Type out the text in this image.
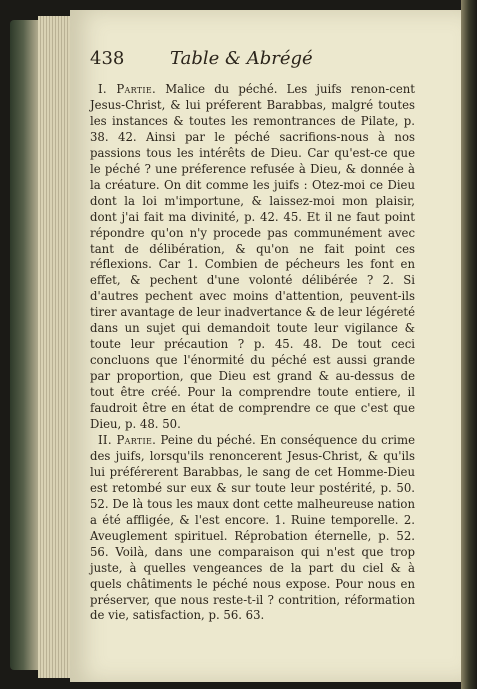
438	Table & Abrégé

I. Partie. Malice du péché. Les juifs renon-cent Jesus-Christ, & lui préferent Barabbas, malgré toutes les instances & toutes les remontrances de Pilate, p. 38. 42. Ainsi par le péché sacrifions-nous à nos passions tous les intérêts de Dieu. Car qu'est-ce que le péché ? une préference refusée à Dieu, & donnée à la créature. On dit comme les juifs : Otez-moi ce Dieu dont la loi m'importune, & laissez-moi mon plaisir, dont j'ai fait ma divinité, p. 42. 45. Et il ne faut point répondre qu'on n'y procede pas communément avec tant de délibération, & qu'on ne fait point ces réflexions. Car 1. Combien de pécheurs les font en effet, & pechent d'une volonté délibérée ? 2. Si d'autres pechent avec moins d'attention, peuvent-ils tirer avantage de leur inadvertance & de leur légéreté dans un sujet qui demandoit toute leur vigilance & toute leur précaution ? p. 45. 48. De tout ceci concluons que l'énormité du péché est aussi grande par proportion, que Dieu est grand & au-dessus de tout être créé. Pour la comprendre toute entiere, il faudroit être en état de comprendre ce que c'est que Dieu, p. 48. 50.

II. Partie. Peine du péché. En conséquence du crime des juifs, lorsqu'ils renoncerent Jesus-Christ, & qu'ils lui préférerent Barabbas, le sang de cet Homme-Dieu est retombé sur eux & sur toute leur postérité, p. 50. 52. De là tous les maux dont cette malheureuse nation a été affligée, & l'est encore. 1. Ruine temporelle. 2. Aveuglement spirituel. Réprobation éternelle, p. 52. 56. Voilà, dans une comparaison qui n'est que trop juste, à quelles vengeances de la part du ciel & à quels châtiments le péché nous expose. Pour nous en préserver, que nous reste-t-il ? contrition, réformation de vie, satisfaction, p. 56. 63.
